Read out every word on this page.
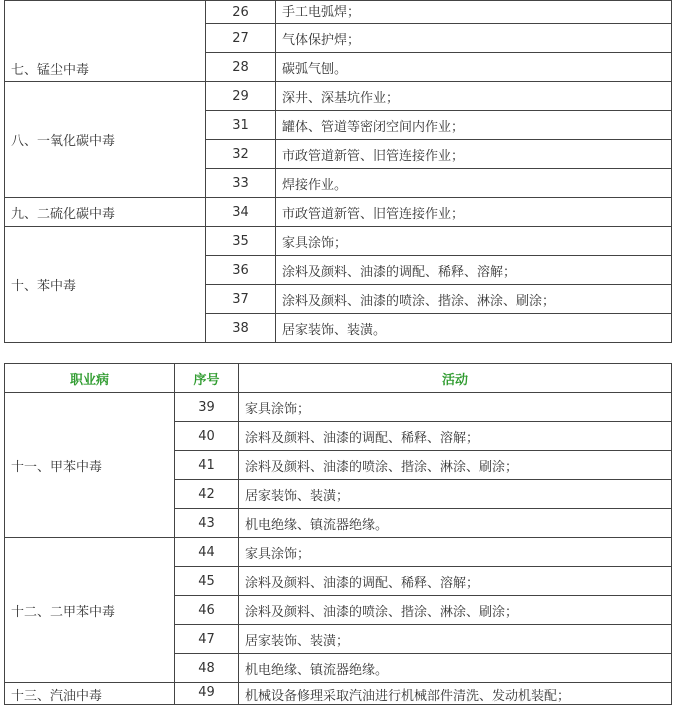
七、锰尘中毒	26	手工电弧焊；
	27	气体保护焊；
	28	碳弧气刨。
八、一氧化碳中毒	29	深井、深基坑作业；
	31	罐体、管道等密闭空间内作业；
	32	市政管道新管、旧管连接作业；
	33	焊接作业。
九、二硫化碳中毒	34	市政管道新管、旧管连接作业；
十、苯中毒	35	家具涂饰；
	36	涂料及颜料、油漆的调配、稀释、溶解；
	37	涂料及颜料、油漆的喷涂、揩涂、淋涂、刷涂；
	38	居家装饰、装潢。
职业病	序号	活动
十一、甲苯中毒	39	家具涂饰；
	40	涂料及颜料、油漆的调配、稀释、溶解；
	41	涂料及颜料、油漆的喷涂、揩涂、淋涂、刷涂；
	42	居家装饰、装潢；
	43	机电绝缘、镇流器绝缘。
十二、二甲苯中毒	44	家具涂饰；
	45	涂料及颜料、油漆的调配、稀释、溶解；
	46	涂料及颜料、油漆的喷涂、揩涂、淋涂、刷涂；
	47	居家装饰、装潢；
	48	机电绝缘、镇流器绝缘。
十三、汽油中毒	49	机械设备修理采取汽油进行机械部件清洗、发动机装配；
